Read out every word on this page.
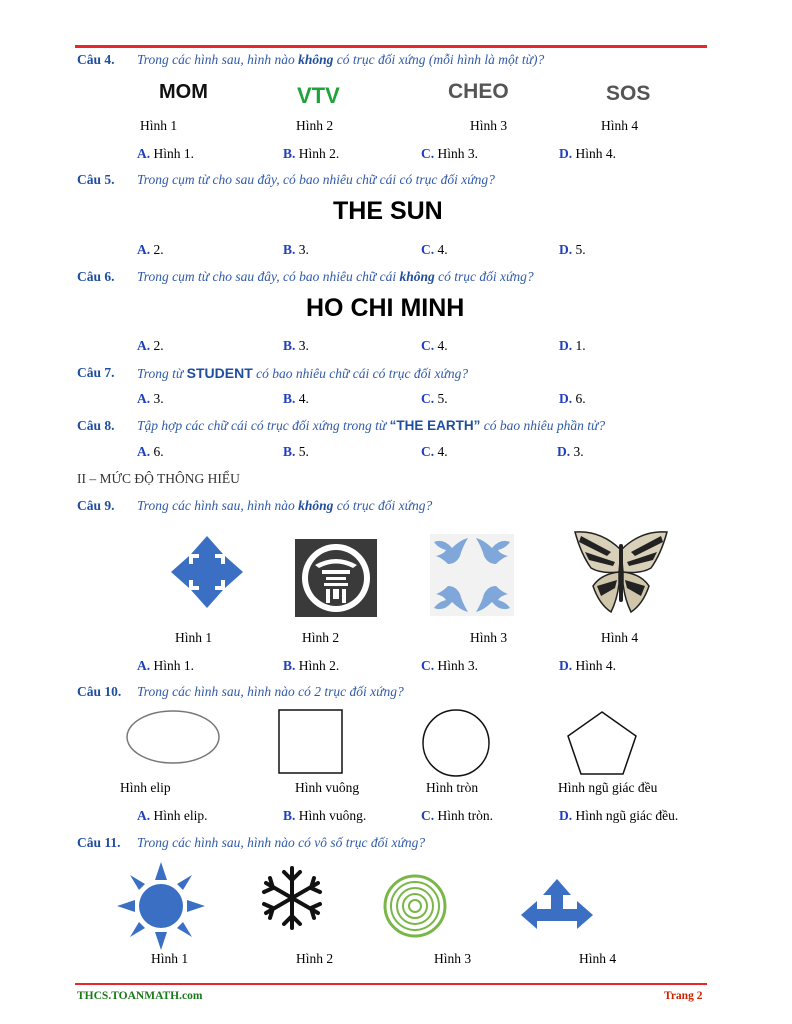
Câu 4. Trong các hình sau, hình nào không có trục đối xứng (mỗi hình là một từ)?
MOM	VTV	CHEO	SOS
Hình 1	Hình 2	Hình 3	Hình 4
A. Hình 1.	B. Hình 2.	C. Hình 3.	D. Hình 4.
Câu 5. Trong cụm từ cho sau đây, có bao nhiêu chữ cái có trục đối xứng?
THE SUN
A. 2.	B. 3.	C. 4.	D. 5.
Câu 6. Trong cụm từ cho sau đây, có bao nhiêu chữ cái không có trục đối xứng?
HO CHI MINH
A. 2.	B. 3.	C. 4.	D. 1.
Câu 7. Trong từ STUDENT có bao nhiêu chữ cái có trục đối xứng?
A. 3.	B. 4.	C. 5.	D. 6.
Câu 8. Tập hợp các chữ cái có trục đối xứng trong từ “THE EARTH” có bao nhiêu phần tử?
A. 6.	B. 5.	C. 4.	D. 3.
II – MỨC ĐỘ THÔNG HIỂU
Câu 9. Trong các hình sau, hình nào không có trục đối xứng?
Hình 1	Hình 2	Hình 3	Hình 4
A. Hình 1.	B. Hình 2.	C. Hình 3.	D. Hình 4.
Câu 10. Trong các hình sau, hình nào có 2 trục đối xứng?
Hình elip	Hình vuông	Hình tròn	Hình ngũ giác đều
A. Hình elip.	B. Hình vuông.	C. Hình tròn.	D. Hình ngũ giác đều.
Câu 11. Trong các hình sau, hình nào có vô số trục đối xứng?
Hình 1	Hình 2	Hình 3	Hình 4
THCS.TOANMATH.com	Trang 2
